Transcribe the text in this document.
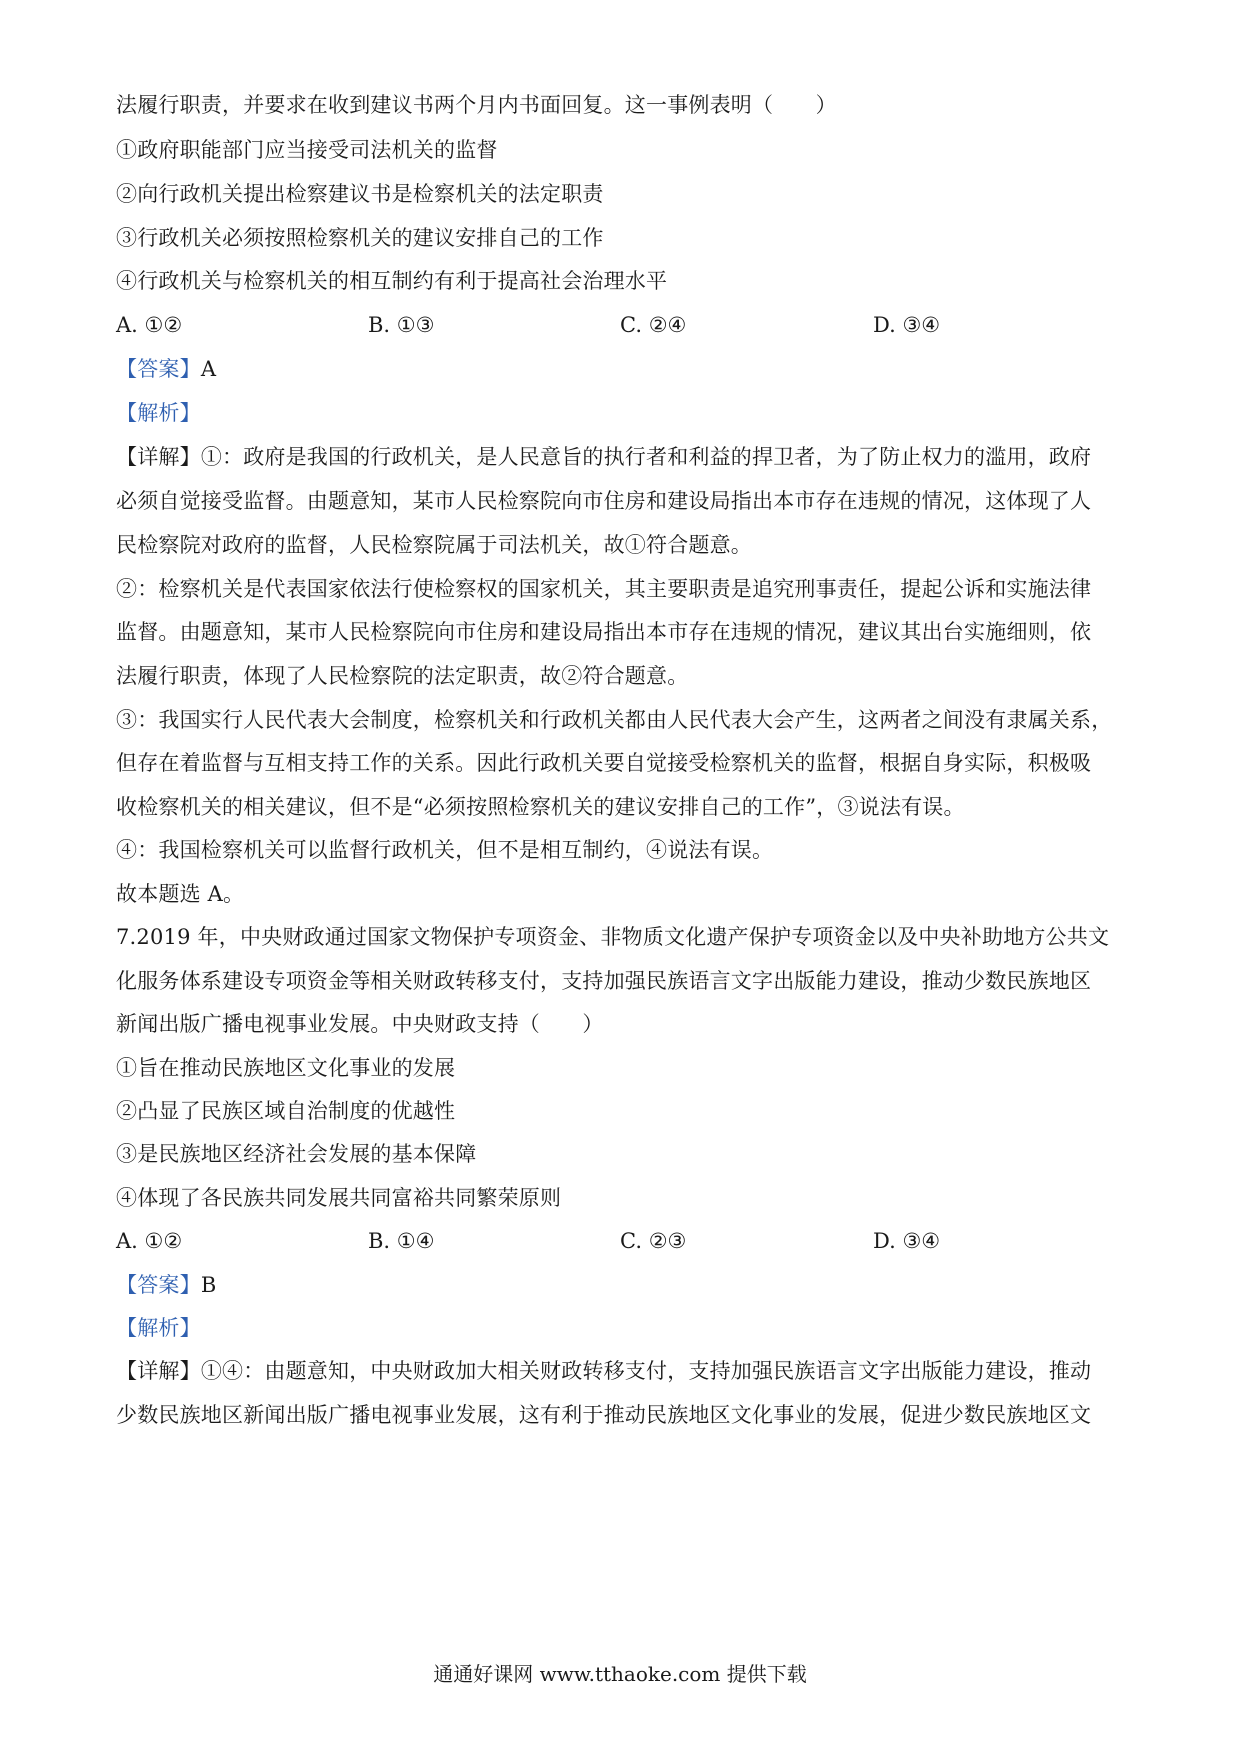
法履行职责，并要求在收到建议书两个月内书面回复。这一事例表明（　　）
①政府职能部门应当接受司法机关的监督
②向行政机关提出检察建议书是检察机关的法定职责
③行政机关必须按照检察机关的建议安排自己的工作
④行政机关与检察机关的相互制约有利于提高社会治理水平
A. ①②	B. ①③	C. ②④	D. ③④
【答案】A
【解析】
【详解】①：政府是我国的行政机关，是人民意旨的执行者和利益的捍卫者，为了防止权力的滥用，政府
必须自觉接受监督。由题意知，某市人民检察院向市住房和建设局指出本市存在违规的情况，这体现了人
民检察院对政府的监督，人民检察院属于司法机关，故①符合题意。
②：检察机关是代表国家依法行使检察权的国家机关，其主要职责是追究刑事责任，提起公诉和实施法律
监督。由题意知，某市人民检察院向市住房和建设局指出本市存在违规的情况，建议其出台实施细则，依
法履行职责，体现了人民检察院的法定职责，故②符合题意。
③：我国实行人民代表大会制度，检察机关和行政机关都由人民代表大会产生，这两者之间没有隶属关系，
但存在着监督与互相支持工作的关系。因此行政机关要自觉接受检察机关的监督，根据自身实际，积极吸
收检察机关的相关建议，但不是“必须按照检察机关的建议安排自己的工作”，③说法有误。
④：我国检察机关可以监督行政机关，但不是相互制约，④说法有误。
故本题选 A。
7.2019 年，中央财政通过国家文物保护专项资金、非物质文化遗产保护专项资金以及中央补助地方公共文
化服务体系建设专项资金等相关财政转移支付，支持加强民族语言文字出版能力建设，推动少数民族地区
新闻出版广播电视事业发展。中央财政支持（　　）
①旨在推动民族地区文化事业的发展
②凸显了民族区域自治制度的优越性
③是民族地区经济社会发展的基本保障
④体现了各民族共同发展共同富裕共同繁荣原则
A. ①②	B. ①④	C. ②③	D. ③④
【答案】B
【解析】
【详解】①④：由题意知，中央财政加大相关财政转移支付，支持加强民族语言文字出版能力建设，推动
少数民族地区新闻出版广播电视事业发展，这有利于推动民族地区文化事业的发展，促进少数民族地区文
通通好课网 www.tthaoke.com 提供下载
